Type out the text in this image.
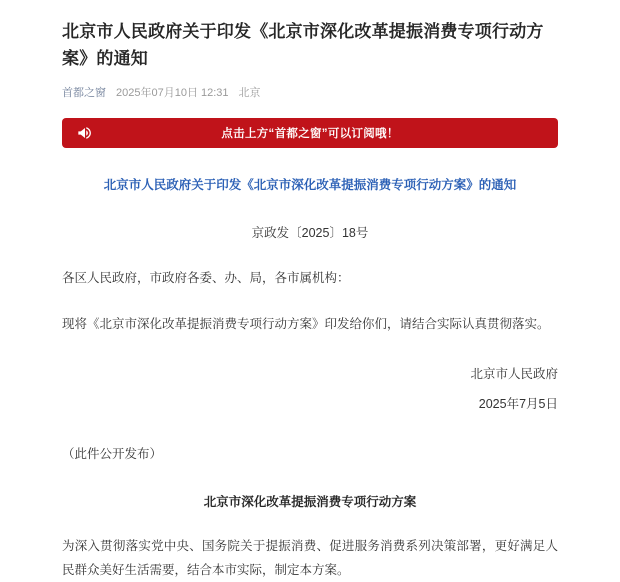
北京市人民政府关于印发《北京市深化改革提振消费专项行动方案》的通知
首都之窗 2025年07月10日 12:31 北京
点击上方“首都之窗”可以订阅哦！
北京市人民政府关于印发《北京市深化改革提振消费专项行动方案》的通知
京政发〔2025〕18号
各区人民政府，市政府各委、办、局，各市属机构：
现将《北京市深化改革提振消费专项行动方案》印发给你们，请结合实际认真贯彻落实。
北京市人民政府
2025年7月5日
（此件公开发布）
北京市深化改革提振消费专项行动方案
为深入贯彻落实党中央、国务院关于提振消费、促进服务消费系列决策部署，更好满足人民群众美好生活需要，结合本市实际，制定本方案。
